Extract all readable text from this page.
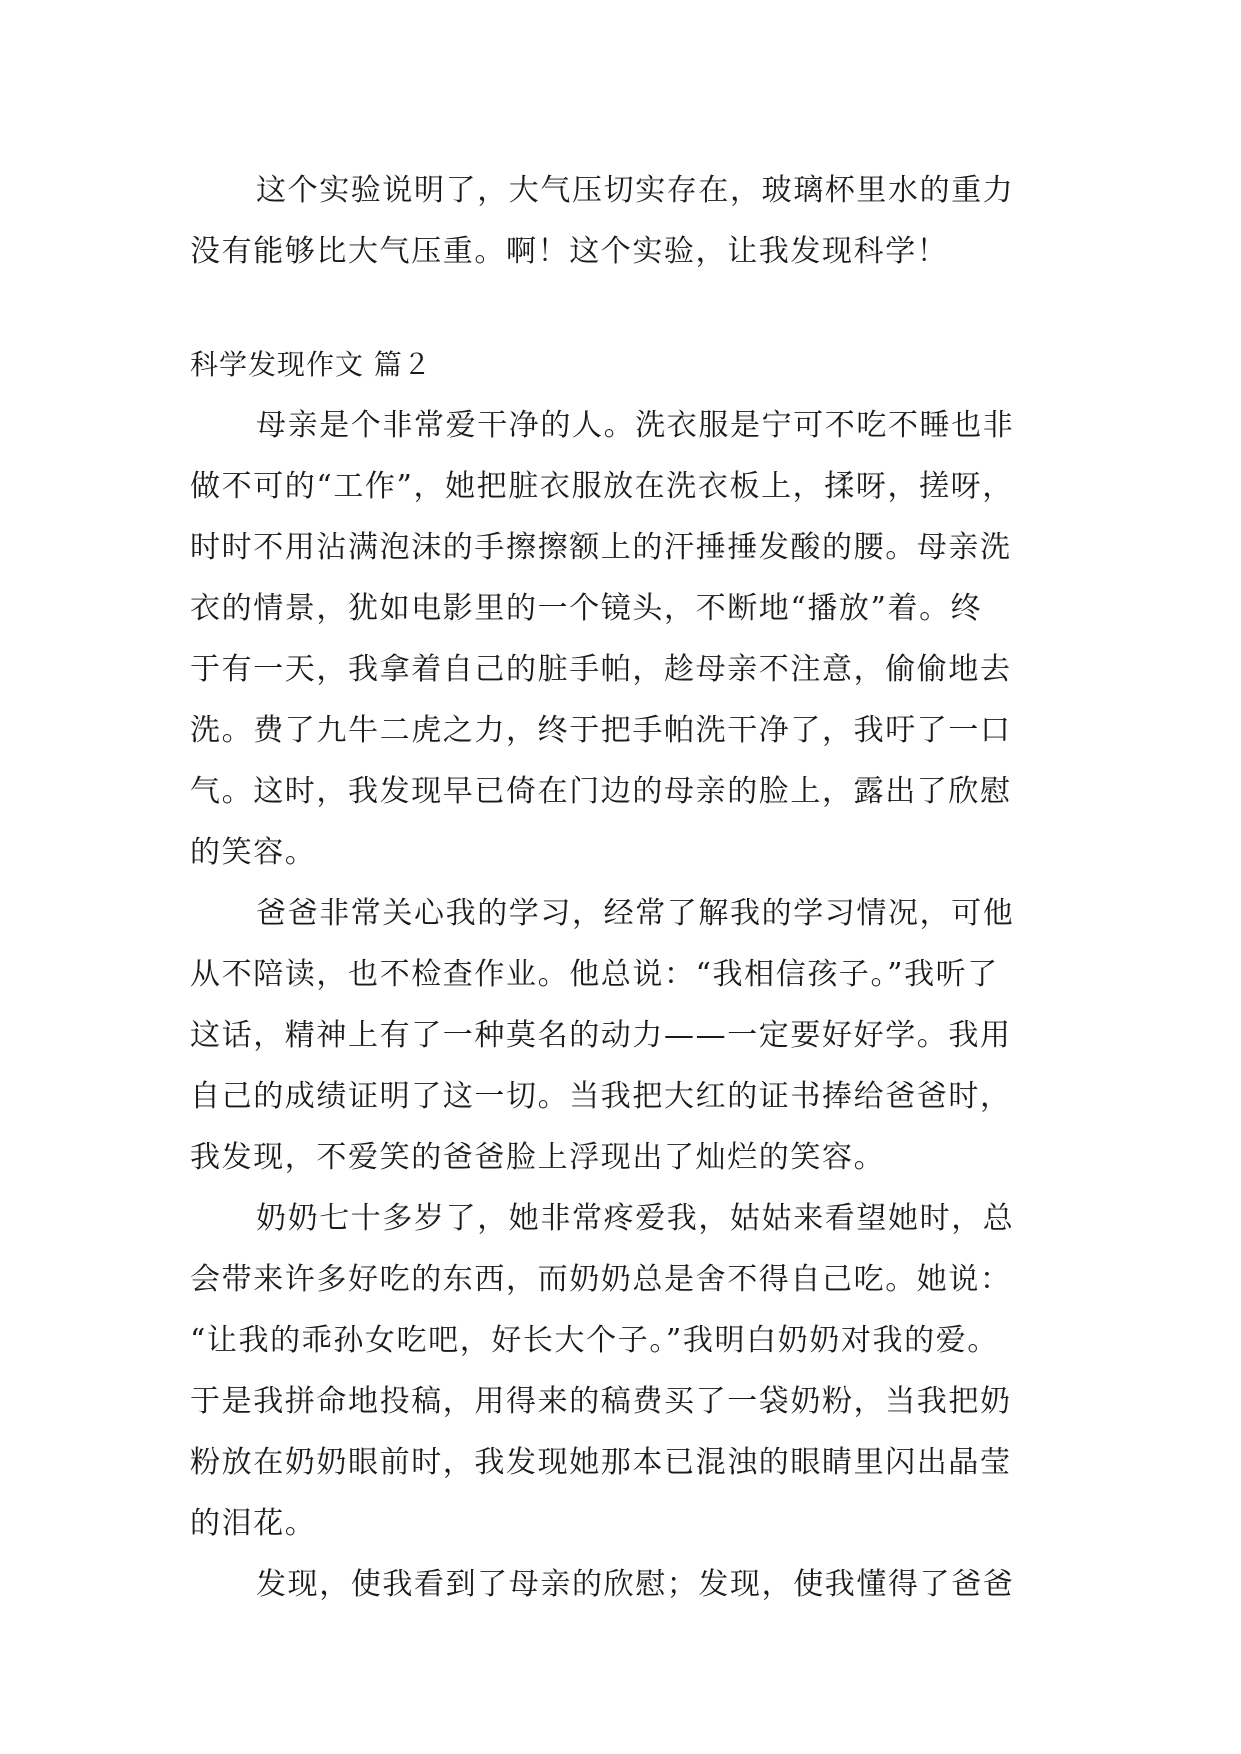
这个实验说明了，大气压切实存在，玻璃杯里水的重力
没有能够比大气压重。啊！这个实验，让我发现科学！
科学发现作文 篇２
母亲是个非常爱干净的人。洗衣服是宁可不吃不睡也非
做不可的“工作”，她把脏衣服放在洗衣板上，揉呀，搓呀，
时时不用沾满泡沫的手擦擦额上的汗捶捶发酸的腰。母亲洗
衣的情景，犹如电影里的一个镜头，不断地“播放”着。终
于有一天，我拿着自己的脏手帕，趁母亲不注意，偷偷地去
洗。费了九牛二虎之力，终于把手帕洗干净了，我吁了一口
气。这时，我发现早已倚在门边的母亲的脸上，露出了欣慰
的笑容。
爸爸非常关心我的学习，经常了解我的学习情况，可他
从不陪读，也不检查作业。他总说：“我相信孩子。”我听了
这话，精神上有了一种莫名的动力——一定要好好学。我用
自己的成绩证明了这一切。当我把大红的证书捧给爸爸时，
我发现，不爱笑的爸爸脸上浮现出了灿烂的笑容。
奶奶七十多岁了，她非常疼爱我，姑姑来看望她时，总
会带来许多好吃的东西，而奶奶总是舍不得自己吃。她说：
“让我的乖孙女吃吧，好长大个子。”我明白奶奶对我的爱。
于是我拼命地投稿，用得来的稿费买了一袋奶粉，当我把奶
粉放在奶奶眼前时，我发现她那本已混浊的眼睛里闪出晶莹
的泪花。
发现，使我看到了母亲的欣慰；发现，使我懂得了爸爸
